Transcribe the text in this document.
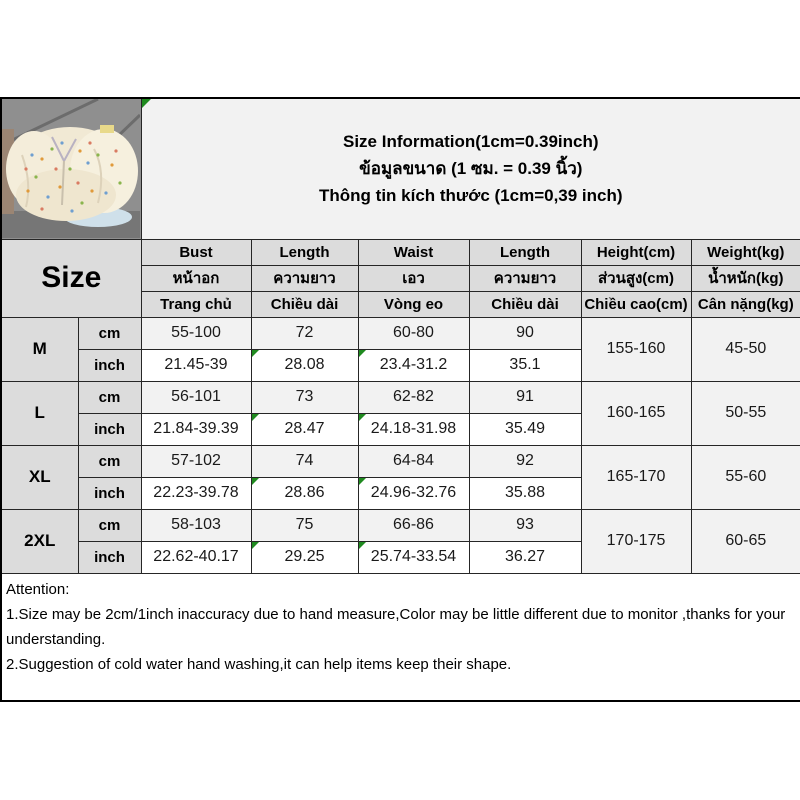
Size Information(1cm=0.39inch)
ข้อมูลขนาด (1 ซม. = 0.39 นิ้ว)
Thông tin kích thước (1cm=0,39 inch)					

Size		Bust	Length	Waist	Length	Height(cm)	Weight(kg)
		หน้าอก	ความยาว	เอว	ความยาว	ส่วนสูง(cm)	น้ำหนัก(kg)
		Trang chủ	Chiều dài	Vòng eo	Chiều dài	Chiều cao(cm)	Cân nặng(kg)
M	cm	55-100	72	60-80	90	155-160	45-50
	inch	21.45-39	28.08	23.4-31.2	35.1		
L	cm	56-101	73	62-82	91	160-165	50-55
	inch	21.84-39.39	28.47	24.18-31.98	35.49		
XL	cm	57-102	74	64-84	92	165-170	55-60
	inch	22.23-39.78	28.86	24.96-32.76	35.88		
2XL	cm	58-103	75	66-86	93	170-175	60-65
	inch	22.62-40.17	29.25	25.74-33.54	36.27		

Attention:
1.Size may be 2cm/1inch inaccuracy due to hand measure,Color may be little different due to monitor ,thanks for your understanding.
2.Suggestion of cold water hand washing,it can help items keep their shape.							
